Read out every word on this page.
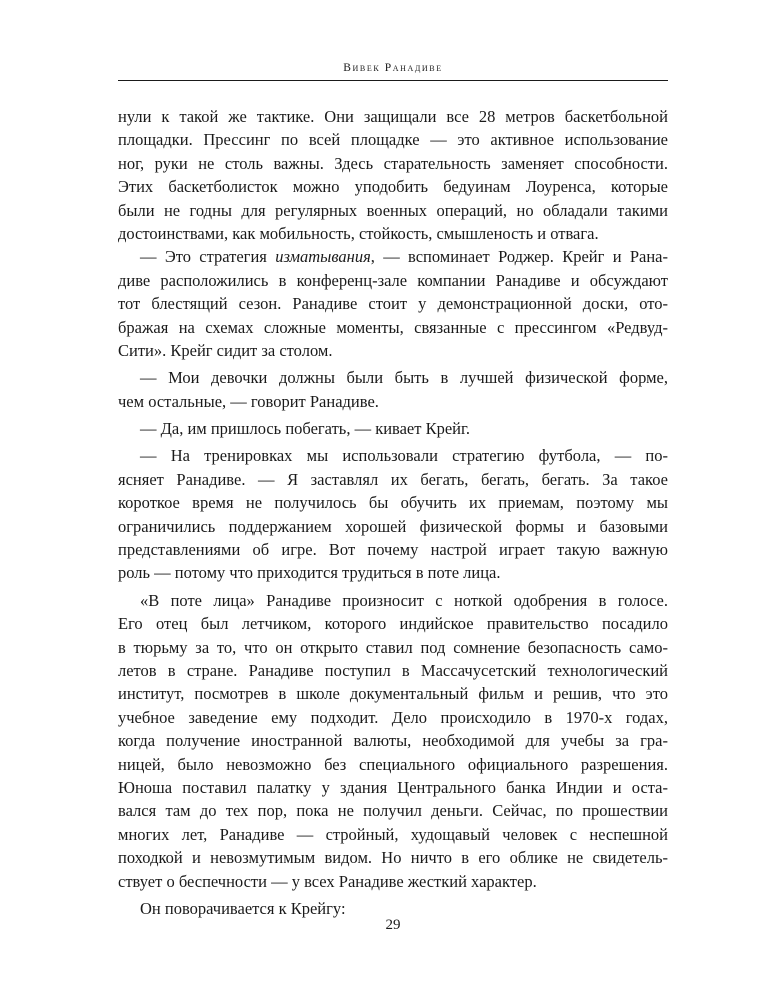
Вивек Ранадиве
нули к такой же тактике. Они защищали все 28 метров баскетбольной
площадки. Прессинг по всей площадке — это активное использование
ног, руки не столь важны. Здесь старательность заменяет способности.
Этих баскетболисток можно уподобить бедуинам Лоуренса, которые
были не годны для регулярных военных операций, но обладали такими
достоинствами, как мобильность, стойкость, смышленость и отвага.
— Это стратегия изматывания, — вспоминает Роджер. Крейг и Рана-
диве расположились в конференц-зале компании Ранадиве и обсуждают
тот блестящий сезон. Ранадиве стоит у демонстрационной доски, ото-
бражая на схемах сложные моменты, связанные с прессингом «Редвуд-
Сити». Крейг сидит за столом.
— Мои девочки должны были быть в лучшей физической форме,
чем остальные, — говорит Ранадиве.
— Да, им пришлось побегать, — кивает Крейг.
— На тренировках мы использовали стратегию футбола, — по-
ясняет Ранадиве. — Я заставлял их бегать, бегать, бегать. За такое
короткое время не получилось бы обучить их приемам, поэтому мы
ограничились поддержанием хорошей физической формы и базовыми
представлениями об игре. Вот почему настрой играет такую важную
роль — потому что приходится трудиться в поте лица.
«В поте лица» Ранадиве произносит с ноткой одобрения в голосе.
Его отец был летчиком, которого индийское правительство посадило
в тюрьму за то, что он открыто ставил под сомнение безопасность само-
летов в стране. Ранадиве поступил в Массачусетский технологический
институт, посмотрев в школе документальный фильм и решив, что это
учебное заведение ему подходит. Дело происходило в 1970-х годах,
когда получение иностранной валюты, необходимой для учебы за гра-
ницей, было невозможно без специального официального разрешения.
Юноша поставил палатку у здания Центрального банка Индии и оста-
вался там до тех пор, пока не получил деньги. Сейчас, по прошествии
многих лет, Ранадиве — стройный, худощавый человек с неспешной
походкой и невозмутимым видом. Но ничто в его облике не свидетель-
ствует о беспечности — у всех Ранадиве жесткий характер.
Он поворачивается к Крейгу:
29
